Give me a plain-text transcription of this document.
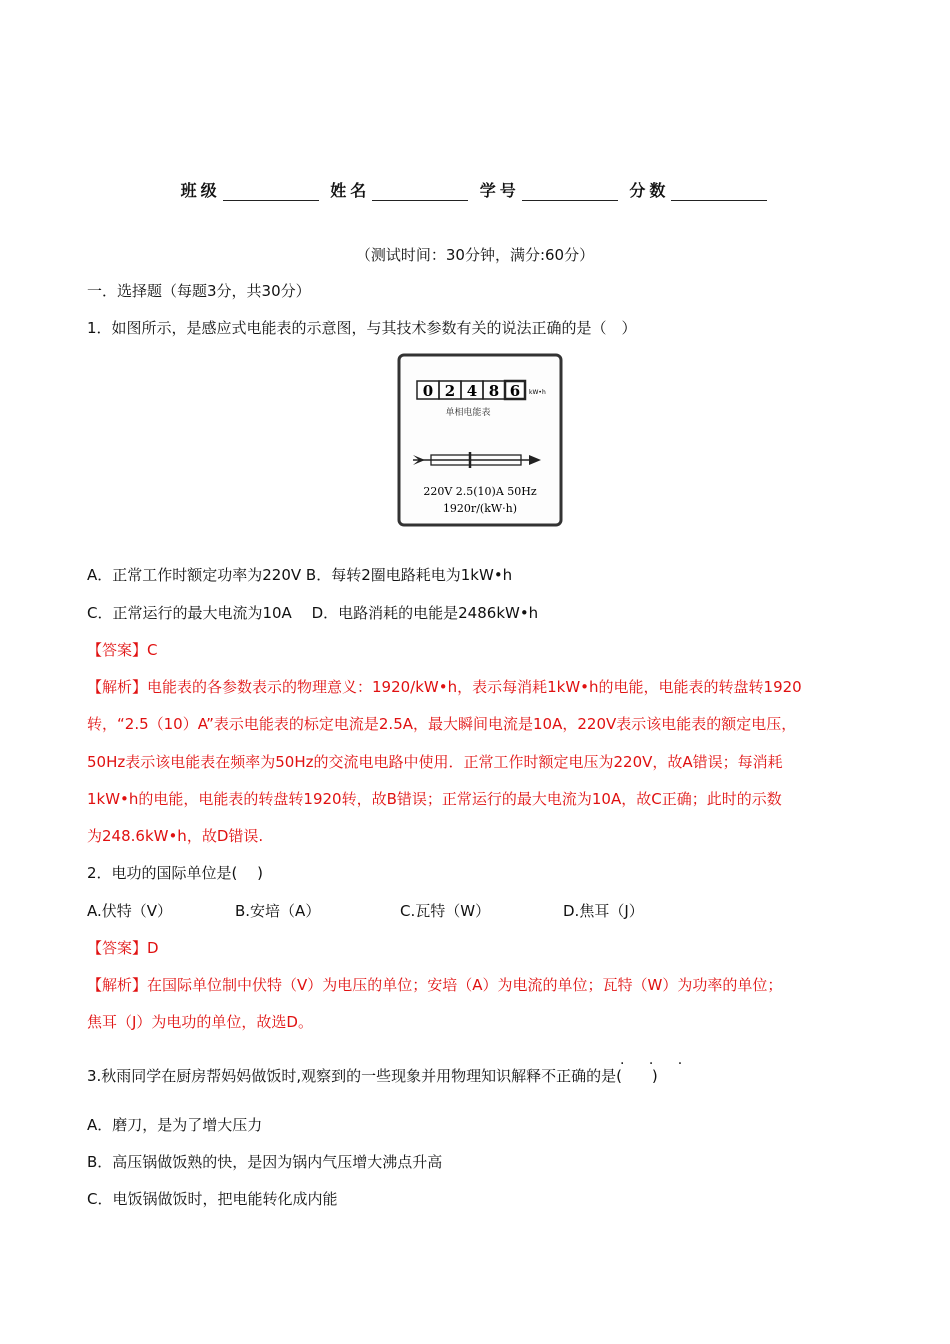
班级	姓名	学号	分数
（测试时间：30分钟，满分:60分）
一．选择题（每题3分，共30分）
1．如图所示，是感应式电能表的示意图，与其技术参数有关的说法正确的是（　）
0 2 4 8 6 kW•h
单相电能表
220V 2.5(10)A 50Hz
1920r/(kW·h)
A．正常工作时额定功率为220V B．每转2圈电路耗电为1kW•h
C．正常运行的最大电流为10A　 D．电路消耗的电能是2486kW•h
【答案】C
【解析】电能表的各参数表示的物理意义：1920/kW•h，表示每消耗1kW•h的电能，电能表的转盘转1920
转，“2.5（10）A”表示电能表的标定电流是2.5A，最大瞬间电流是10A，220V表示该电能表的额定电压，
50Hz表示该电能表在频率为50Hz的交流电电路中使用．正常工作时额定电压为220V，故A错误；每消耗
1kW•h的电能，电能表的转盘转1920转，故B错误；正常运行的最大电流为10A，故C正确；此时的示数
为248.6kW•h，故D错误.
2．电功的国际单位是(　 )
A.伏特（V）	B.安培（A）	C.瓦特（W）	D.焦耳（J）
【答案】D
【解析】在国际单位制中伏特（V）为电压的单位；安培（A）为电流的单位；瓦特（W）为功率的单位；
焦耳（J）为电功的单位，故选D。
. . .
3.秋雨同学在厨房帮妈妈做饭时,观察到的一些现象并用物理知识解释不正确的是(　　)
A．磨刀，是为了增大压力
B．高压锅做饭熟的快，是因为锅内气压增大沸点升高
C．电饭锅做饭时，把电能转化成内能
